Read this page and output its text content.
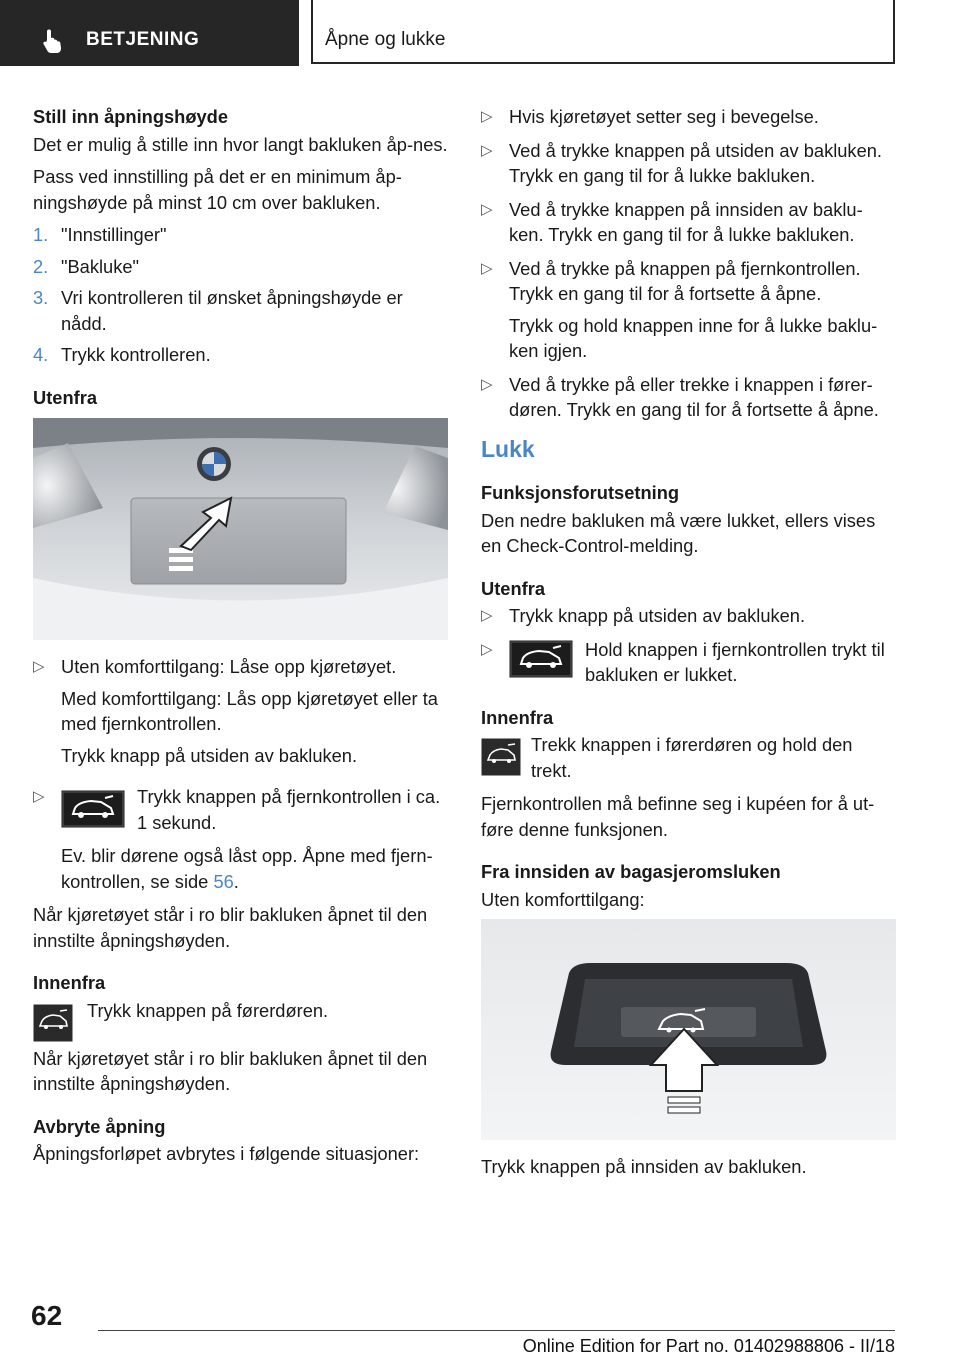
BETJENING	Åpne og lukke

Still inn åpningshøyde

Det er mulig å stille inn hvor langt bakluken åp-nes.

Pass ved innstilling på det er en minimum åp-ningshøyde på minst 10 cm over bakluken.

1. "Innstillinger"
2. "Bakluke"
3. Vri kontrolleren til ønsket åpningshøyde er nådd.
4. Trykk kontrolleren.

Utenfra

▷ Uten komforttilgang: Låse opp kjøretøyet.
Med komforttilgang: Lås opp kjøretøyet eller ta med fjernkontrollen.
Trykk knapp på utsiden av bakluken.
▷	Trykk knappen på fjernkontrollen i ca. 1 sekund.
Ev. blir dørene også låst opp. Åpne med fjern-kontrollen, se side 56.

Når kjøretøyet står i ro blir bakluken åpnet til den innstilte åpningshøyden.

Innenfra

Trykk knappen på førerdøren.

Når kjøretøyet står i ro blir bakluken åpnet til den innstilte åpningshøyden.

Avbryte åpning

Åpningsforløpet avbrytes i følgende situasjoner:

▷ Hvis kjøretøyet setter seg i bevegelse.
▷ Ved å trykke knappen på utsiden av bakluken. Trykk en gang til for å lukke bakluken.
▷ Ved å trykke knappen på innsiden av baklu-ken. Trykk en gang til for å lukke bakluken.
▷ Ved å trykke på knappen på fjernkontrollen. Trykk en gang til for å fortsette å åpne.
Trykk og hold knappen inne for å lukke baklu-ken igjen.
▷ Ved å trykke på eller trekke i knappen i fører-døren. Trykk en gang til for å fortsette å åpne.

Lukk

Funksjonsforutsetning

Den nedre bakluken må være lukket, ellers vises en Check-Control-melding.

Utenfra

▷ Trykk knapp på utsiden av bakluken.
▷	Hold knappen i fjernkontrollen trykt til bakluken er lukket.

Innenfra

Trekk knappen i førerdøren og hold den trekt.

Fjernkontrollen må befinne seg i kupéen for å ut-føre denne funksjonen.

Fra innsiden av bagasjeromsluken

Uten komforttilgang:

Trykk knappen på innsiden av bakluken.

62
Online Edition for Part no. 01402988806 - II/18
